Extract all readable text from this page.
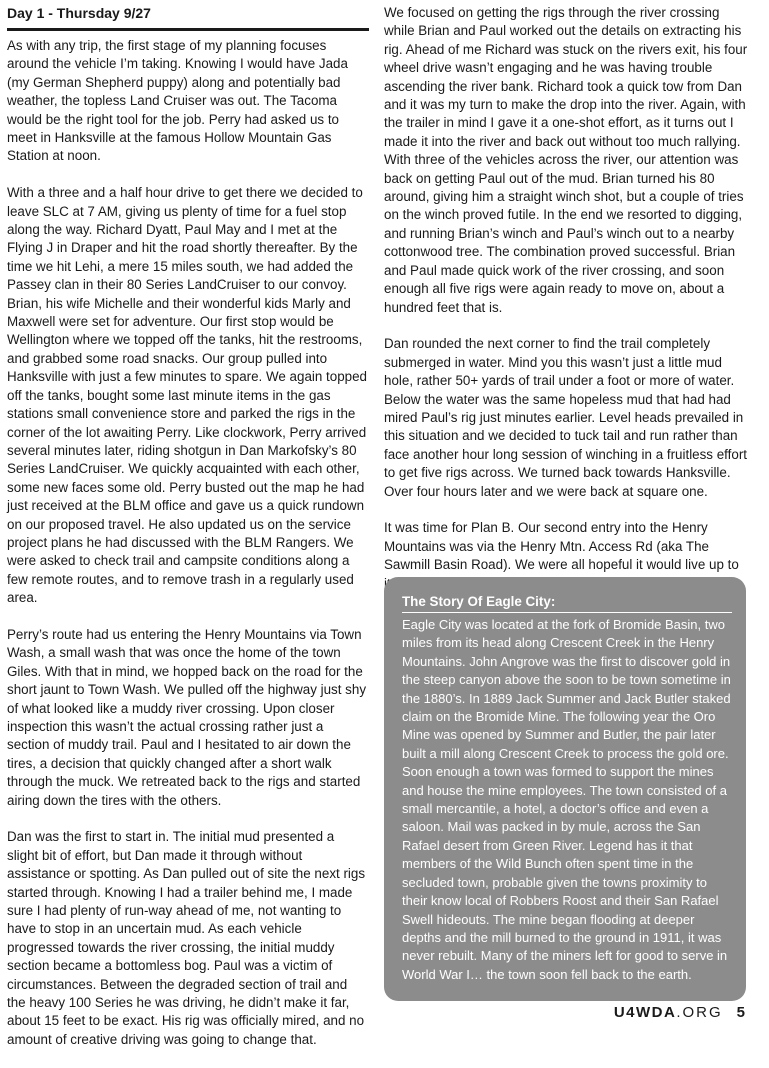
Day 1 - Thursday 9/27

As with any trip, the first stage of my planning focuses around the vehicle I’m taking. Knowing I would have Jada (my German Shepherd puppy) along and potentially bad weather, the topless Land Cruiser was out. The Tacoma would be the right tool for the job. Perry had asked us to meet in Hanksville at the famous Hollow Mountain Gas Station at noon.

With a three and a half hour drive to get there we decided to leave SLC at 7 AM, giving us plenty of time for a fuel stop along the way. Richard Dyatt, Paul May and I met at the Flying J in Draper and hit the road shortly thereafter. By the time we hit Lehi, a mere 15 miles south, we had added the Passey clan in their 80 Series LandCruiser to our convoy. Brian, his wife Michelle and their wonderful kids Marly and Maxwell were set for adventure. Our first stop would be Wellington where we topped off the tanks, hit the restrooms, and grabbed some road snacks. Our group pulled into Hanksville with just a few minutes to spare. We again topped off the tanks, bought some last minute items in the gas stations small convenience store and parked the rigs in the corner of the lot awaiting Perry. Like clockwork, Perry arrived several minutes later, riding shotgun in Dan Markofsky’s 80 Series LandCruiser. We quickly acquainted with each other, some new faces some old. Perry busted out the map he had just received at the BLM office and gave us a quick rundown on our proposed travel. He also updated us on the service project plans he had discussed with the BLM Rangers. We were asked to check trail and campsite conditions along a few remote routes, and to remove trash in a regularly used area.

Perry’s route had us entering the Henry Mountains via Town Wash, a small wash that was once the home of the town Giles. With that in mind, we hopped back on the road for the short jaunt to Town Wash. We pulled off the highway just shy of what looked like a muddy river crossing. Upon closer inspection this wasn’t the actual crossing rather just a section of muddy trail. Paul and I hesitated to air down the tires, a decision that quickly changed after a short walk through the muck. We retreated back to the rigs and started airing down the tires with the others.

Dan was the first to start in. The initial mud presented a slight bit of effort, but Dan made it through without assistance or spotting. As Dan pulled out of site the next rigs started through. Knowing I had a trailer behind me, I made sure I had plenty of run-way ahead of me, not wanting to have to stop in an uncertain mud. As each vehicle progressed towards the river crossing, the initial muddy section became a bottomless bog. Paul was a victim of circumstances. Between the degraded section of trail and the heavy 100 Series he was driving, he didn’t make it far, about 15 feet to be exact. His rig was officially mired, and no amount of creative driving was going to change that.

We focused on getting the rigs through the river crossing while Brian and Paul worked out the details on extracting his rig. Ahead of me Richard was stuck on the rivers exit, his four wheel drive wasn’t engaging and he was having trouble ascending the river bank. Richard took a quick tow from Dan and it was my turn to make the drop into the river. Again, with the trailer in mind I gave it a one-shot effort, as it turns out I made it into the river and back out without too much rallying. With three of the vehicles across the river, our attention was back on getting Paul out of the mud. Brian turned his 80 around, giving him a straight winch shot, but a couple of tries on the winch proved futile. In the end we resorted to digging, and running Brian’s winch and Paul’s winch out to a nearby cottonwood tree. The combination proved successful. Brian and Paul made quick work of the river crossing, and soon enough all five rigs were again ready to move on, about a hundred feet that is.

Dan rounded the next corner to find the trail completely submerged in water. Mind you this wasn’t just a little mud hole, rather 50+ yards of trail under a foot or more of water. Below the water was the same hopeless mud that had had mired Paul’s rig just minutes earlier. Level heads prevailed in this situation and we decided to tuck tail and run rather than face another hour long session of winching in a fruitless effort to get five rigs across. We turned back towards Hanksville. Over four hours later and we were back at square one.

It was time for Plan B. Our second entry into the Henry Mountains was via the Henry Mtn. Access Rd (aka The Sawmill Basin Road). We were all hopeful it would live up to

The Story Of Eagle City:

Eagle City was located at the fork of Bromide Basin, two miles from its head along Crescent Creek in the Henry Mountains. John Angrove was the first to discover gold in the steep canyon above the soon to be town sometime in the 1880’s. In 1889 Jack Summer and Jack Butler staked claim on the Bromide Mine. The following year the Oro Mine was opened by Summer and Butler, the pair later built a mill along Crescent Creek to process the gold ore. Soon enough a town was formed to support the mines and house the mine employees. The town consisted of a small mercantile, a hotel, a doctor’s office and even a saloon. Mail was packed in by mule, across the San Rafael desert from Green River. Legend has it that members of the Wild Bunch often spent time in the secluded town, probable given the towns proximity to their know local of Robbers Roost and their San Rafael Swell hideouts. The mine began flooding at deeper depths and the mill burned to the ground in 1911, it was never rebuilt. Many of the miners left for good to serve in World War I… the town soon fell back to the earth.

U4WDA.ORG 5
